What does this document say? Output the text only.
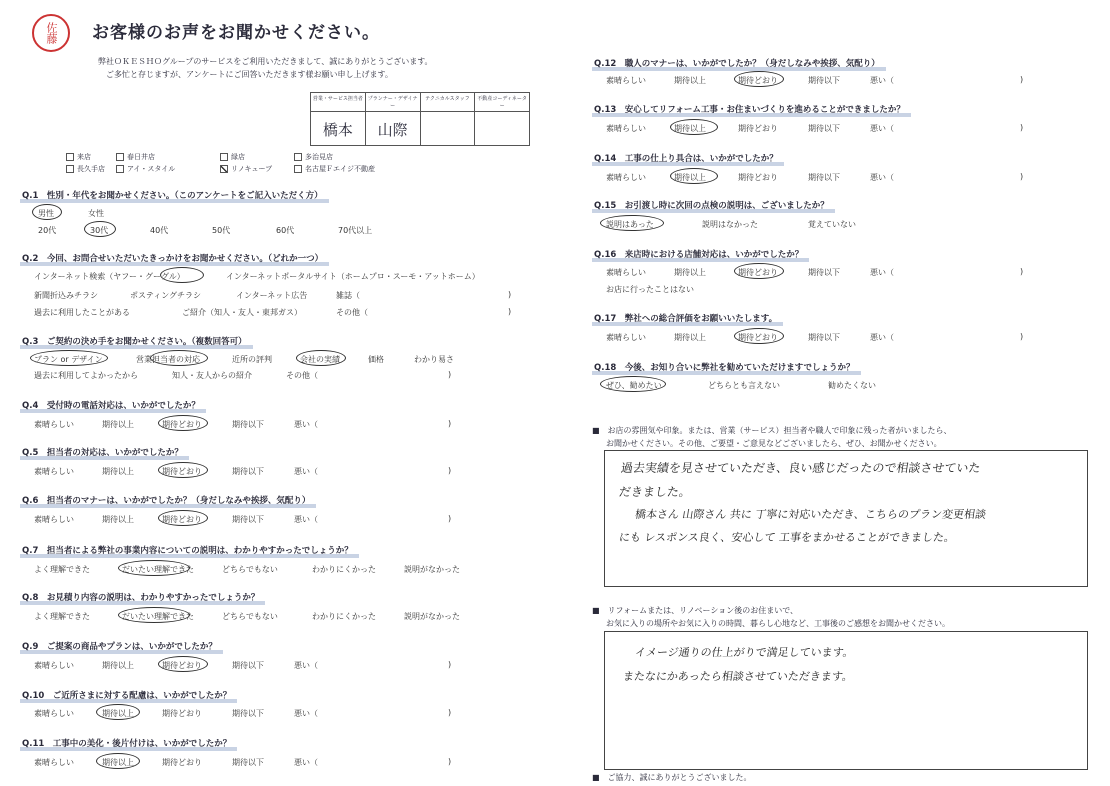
佐藤 お客様のお声をお聞かせください。
弊社ＯＫＥＳＨＯグループのサービスをご利用いただきまして、誠にありがとうございます。
ご多忙と存じますが、アンケートにご回答いただきます様お願い申し上げます。
営業・サービス担当者 プランナー・デザイナー
テクニカルスタッフ	不動産コーディネーター
橋本	山際
来店	春日井店	緑店	多治見店
長久手店	アイ・スタイル	リノキューブ	名古屋Ｆエイジ不動産
Q.1　性別・年代をお聞かせください。（このアンケートをご記入いただく方）
男性	女性
20代	30代	40代	50代	60代	70代以上
Q.2　今回、お問合せいただいたきっかけをお聞かせください。（どれか一つ）
インターネット検索（ヤフー・グーグル）	インターネットポータルサイト（ホームプロ・スーモ・アットホーム）
新聞折込みチラシ	ポスティングチラシ	インターネット広告	雑誌（	)
過去に利用したことがある	ご紹介（知人・友人・東邦ガス）	その他（	)
Q.3　ご契約の決め手をお聞かせください。（複数回答可）
プラン or デザイン	営業担当者の対応	近所の評判	会社の実績	価格	わかり易さ
過去に利用してよかったから	知人・友人からの紹介	その他（	)
Q.4　受付時の電話対応は、いかがでしたか？
素晴らしい	期待以上	期待どおり	期待以下	悪い（	)
Q.5　担当者の対応は、いかがでしたか？
素晴らしい	期待以上	期待どおり	期待以下	悪い（	)
Q.6　担当者のマナーは、いかがでしたか？（身だしなみや挨拶、気配り）
素晴らしい	期待以上	期待どおり	期待以下	悪い（	)
Q.7　担当者による弊社の事業内容についての説明は、わかりやすかったでしょうか？
よく理解できた	だいたい理解できた	どちらでもない	わかりにくかった	説明がなかった
Q.8　お見積り内容の説明は、わかりやすかったでしょうか？
よく理解できた	だいたい理解できた	どちらでもない	わかりにくかった	説明がなかった
Q.9　ご提案の商品やプランは、いかがでしたか？
素晴らしい	期待以上	期待どおり	期待以下	悪い（	)
Q.10　ご近所さまに対する配慮は、いかがでしたか？
素晴らしい	期待以上	期待どおり	期待以下	悪い（	)
Q.11　工事中の美化・後片付けは、いかがでしたか？
素晴らしい	期待以上	期待どおり	期待以下	悪い（	)
Q.12　職人のマナーは、いかがでしたか？（身だしなみや挨拶、気配り）
素晴らしい	期待以上	期待どおり	期待以下	悪い（	)
Q.13　安心してリフォーム工事・お住まいづくりを進めることができましたか？
素晴らしい	期待以上	期待どおり	期待以下	悪い（	)
Q.14　工事の仕上り具合は、いかがでしたか？
素晴らしい	期待以上	期待どおり	期待以下	悪い（	)
Q.15　お引渡し時に次回の点検の説明は、ございましたか？
説明はあった	説明はなかった	覚えていない
Q.16　来店時における店舗対応は、いかがでしたか？
素晴らしい	期待以上	期待どおり	期待以下	悪い（	)
お店に行ったことはない
Q.17　弊社への総合評価をお願いいたします。
素晴らしい	期待以上	期待どおり	期待以下	悪い（	)
Q.18　今後、お知り合いに弊社を勧めていただけますでしょうか？
ぜひ、勧めたい	どちらとも言えない	勧めたくない
■　お店の雰囲気や印象。または、営業（サービス）担当者や職人で印象に残った者がいましたら、
お聞かせください。その他、ご要望・ご意見などございましたら、ぜひ、お聞かせください。
過去実績を見させていただき、良い感じだったので相談させていた
だきました。
橋本さん 山際さん 共に 丁寧に対応いただき、こちらのプラン変更相談
にも レスポンス良く、安心して 工事をまかせることができました。
■　リフォームまたは、リノベーション後のお住まいで、
お気に入りの場所やお気に入りの時間、暮らし心地など、工事後のご感想をお聞かせください。
イメージ通りの仕上がりで満足しています。
またなにかあったら相談させていただきます。
■　ご協力、誠にありがとうございました。
